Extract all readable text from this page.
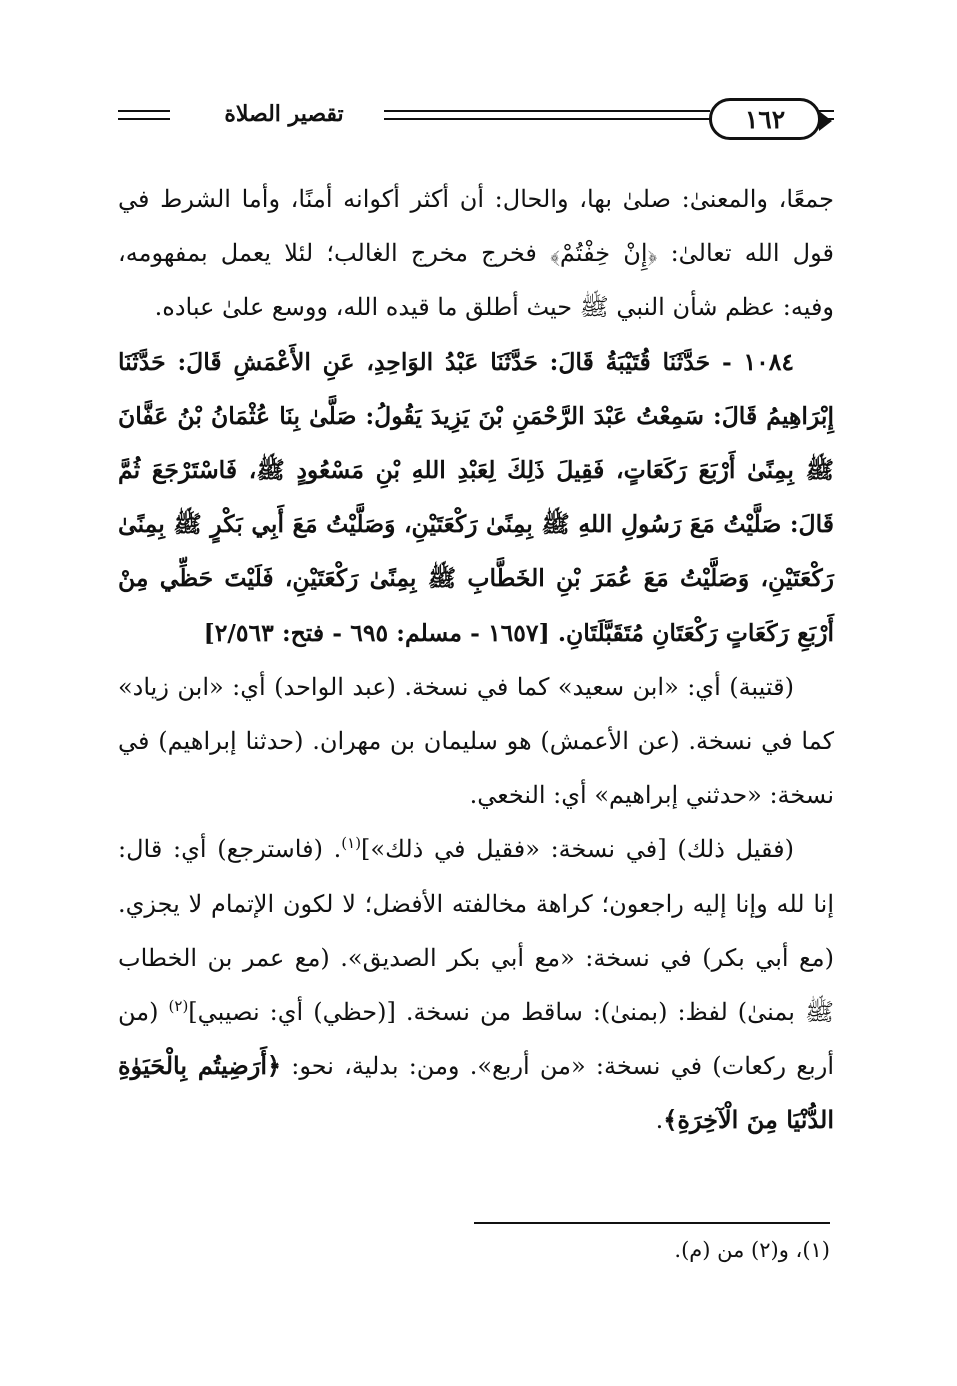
تقصير الصلاة	١٦٢

جمعًا، والمعنىٰ: صلىٰ بها، والحال: أن أكثر أكوانه أمنًا، وأما الشرط في قول الله تعالىٰ: ﴿إِنْ خِفْتُمْ﴾ فخرج مخرج الغالب؛ لئلا يعمل بمفهومه، وفيه: عظم شأن النبي ﷺ حيث أطلق ما قيده الله، ووسع علىٰ عباده.

١٠٨٤ - حَدَّثَنَا قُتَيْبَةُ قَالَ: حَدَّثَنَا عَبْدُ الوَاحِدِ، عَنِ الأَعْمَشِ قَالَ: حَدَّثَنَا إِبْرَاهِيمُ قَالَ: سَمِعْتُ عَبْدَ الرَّحْمَنِ بْنَ يَزِيدَ يَقُولُ: صَلَّىٰ بِنَا عُثْمَانُ بْنُ عَفَّانَ ﷺ بِمِنًىٰ أَرْبَعَ رَكَعَاتٍ، فَقِيلَ ذَلِكَ لِعَبْدِ اللهِ بْنِ مَسْعُودٍ ﷺ، فَاسْتَرْجَعَ ثُمَّ قَالَ: صَلَّيْتُ مَعَ رَسُولِ اللهِ ﷺ بِمِنًىٰ رَكْعَتَيْنِ، وَصَلَّيْتُ مَعَ أَبِي بَكْرٍ ﷺ بِمِنًىٰ رَكْعَتَيْنِ، وَصَلَّيْتُ مَعَ عُمَرَ بْنِ الخَطَّابِ ﷺ بِمِنًىٰ رَكْعَتَيْنِ، فَلَيْتَ حَظِّي مِنْ أَرْبَعِ رَكَعَاتٍ رَكْعَتَانِ مُتَقَبَّلَتَانِ. [١٦٥٧ - مسلم: ٦٩٥ - فتح: ٢/٥٦٣]

(قتيبة) أي: «ابن سعيد» كما في نسخة. (عبد الواحد) أي: «ابن زياد» كما في نسخة. (عن الأعمش) هو سليمان بن مهران. (حدثنا إبراهيم) في نسخة: «حدثني إبراهيم» أي: النخعي.

(فقيل ذلك) [في نسخة: «فقيل في ذلك»]$^{(١)}$. (فاسترجع) أي: قال: إنا لله وإنا إليه راجعون؛ كراهة مخالفته الأفضل؛ لا لكون الإتمام لا يجزي. (مع أبي بكر) في نسخة: «مع أبي بكر الصديق». (مع عمر بن الخطاب ﷺ بمنىٰ) لفظ: (بمنىٰ): ساقط من نسخة. [(حظي) أي: نصيبي]$^{(٢)}$ (من أربع ركعات) في نسخة: «من أربع». ومن: بدلية، نحو: ﴿أَرَضِيتُم بِالْحَيَوٰةِ الدُّنْيَا مِنَ الْآخِرَةِ﴾.

(١)، و(٢) من (م).
